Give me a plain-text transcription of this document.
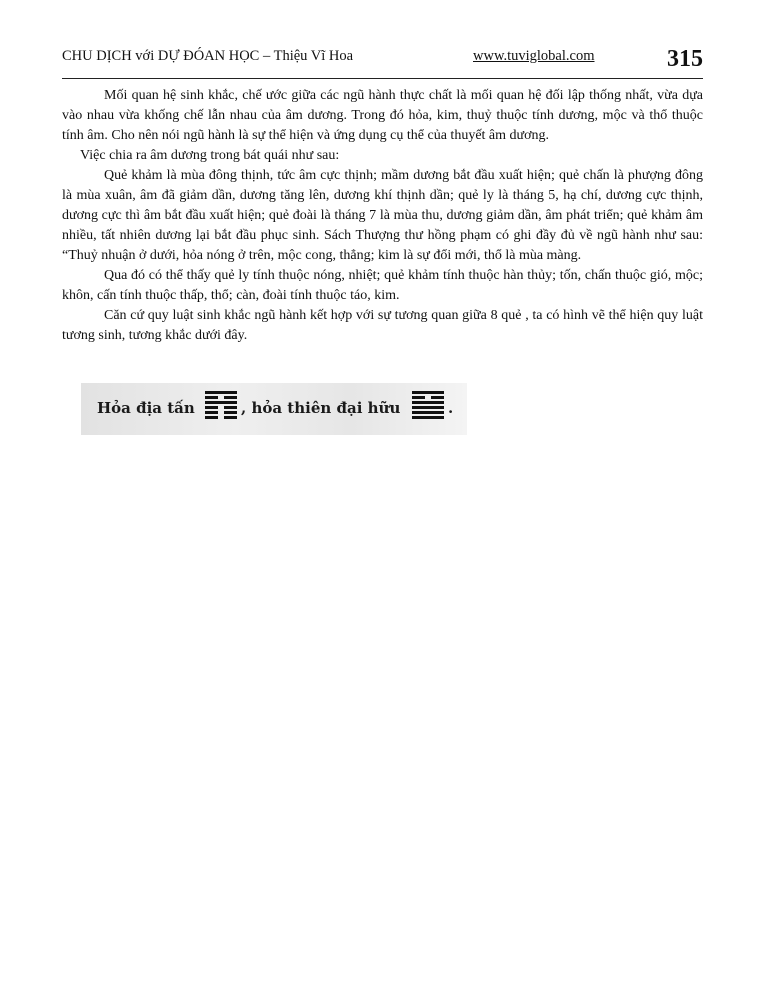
CHU DỊCH với DỰ ĐÓAN HỌC – Thiệu Vĩ Hoa	www.tuviglobal.com	315

Mối quan hệ sinh khắc, chế ước giữa các ngũ hành thực chất là mối quan hệ đối lập thống nhất, vừa dựa vào nhau vừa khống chế lẫn nhau của âm dương. Trong đó hỏa, kim, thuỷ thuộc tính dương, mộc và thổ thuộc tính âm. Cho nên nói ngũ hành là sự thể hiện và ứng dụng cụ thể của thuyết âm dương.

Việc chia ra âm dương trong bát quái như sau:

Quẻ khảm là mùa đông thịnh, tức âm cực thịnh; mầm dương bắt đầu xuất hiện; quẻ chấn là phượng đông là mùa xuân, âm đã giảm dần, dương tăng lên, dương khí thịnh dần; quẻ ly là tháng 5, hạ chí, dương cực thịnh, dương cực thì âm bắt đầu xuất hiện; quẻ đoài là tháng 7 là mùa thu, dương giảm dần, âm phát triển; quẻ khảm âm nhiều, tất nhiên dương lại bắt đầu phục sinh. Sách Thượng thư hồng phạm có ghi đầy đủ về ngũ hành như sau: “Thuỷ nhuận ở dưới, hỏa nóng ở trên, mộc cong, thẳng; kim là sự đổi mới, thổ là mùa màng.

Qua đó có thể thấy quẻ ly tính thuộc nóng, nhiệt; quẻ khảm tính thuộc hàn thủy; tốn, chấn thuộc gió, mộc; khôn, cấn tính thuộc thấp, thổ; càn, đoài tính thuộc táo, kim.

Căn cứ quy luật sinh khắc ngũ hành kết hợp với sự tương quan giữa 8 quẻ , ta có hình vẽ thể hiện quy luật tương sinh, tương khắc dưới đây.

Hỏa địa tấn	, hỏa thiên đại hữu	.
